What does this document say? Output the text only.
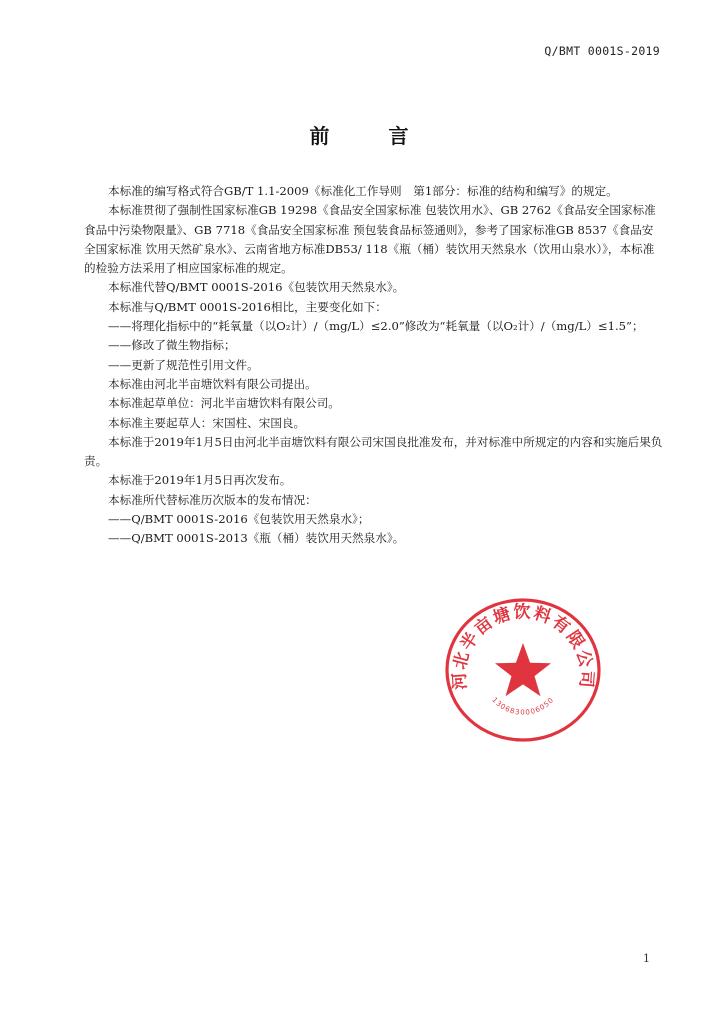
Q/BMT 0001S-2019
前 言

本标准的编写格式符合GB/T 1.1-2009《标准化工作导则　第1部分：标准的结构和编写》的规定。

本标准贯彻了强制性国家标准GB 19298《食品安全国家标准 包装饮用水》、GB 2762《食品安全国家标准 食品中污染物限量》、GB 7718《食品安全国家标准 预包装食品标签通则》，参考了国家标准GB 8537《食品安全国家标准 饮用天然矿泉水》、云南省地方标准DB53/ 118《瓶（桶）装饮用天然泉水（饮用山泉水）》，本标准的检验方法采用了相应国家标准的规定。

本标准代替Q/BMT 0001S-2016《包装饮用天然泉水》。

本标准与Q/BMT 0001S-2016相比，主要变化如下：

——将理化指标中的“耗氧量（以O₂计）/（mg/L）≤2.0”修改为“耗氧量（以O₂计）/（mg/L）≤1.5”；

——修改了微生物指标；

——更新了规范性引用文件。

本标准由河北半亩塘饮料有限公司提出。

本标准起草单位：河北半亩塘饮料有限公司。

本标准主要起草人：宋国柱、宋国良。

本标准于2019年1月5日由河北半亩塘饮料有限公司宋国良批准发布，并对标准中所规定的内容和实施后果负责。

本标准于2019年1月5日再次发布。

本标准所代替标准历次版本的发布情况：

——Q/BMT 0001S-2016《包装饮用天然泉水》；

——Q/BMT 0001S-2013《瓶（桶）装饮用天然泉水》。

河北半亩塘饮料有限公司
1306830006050
1
